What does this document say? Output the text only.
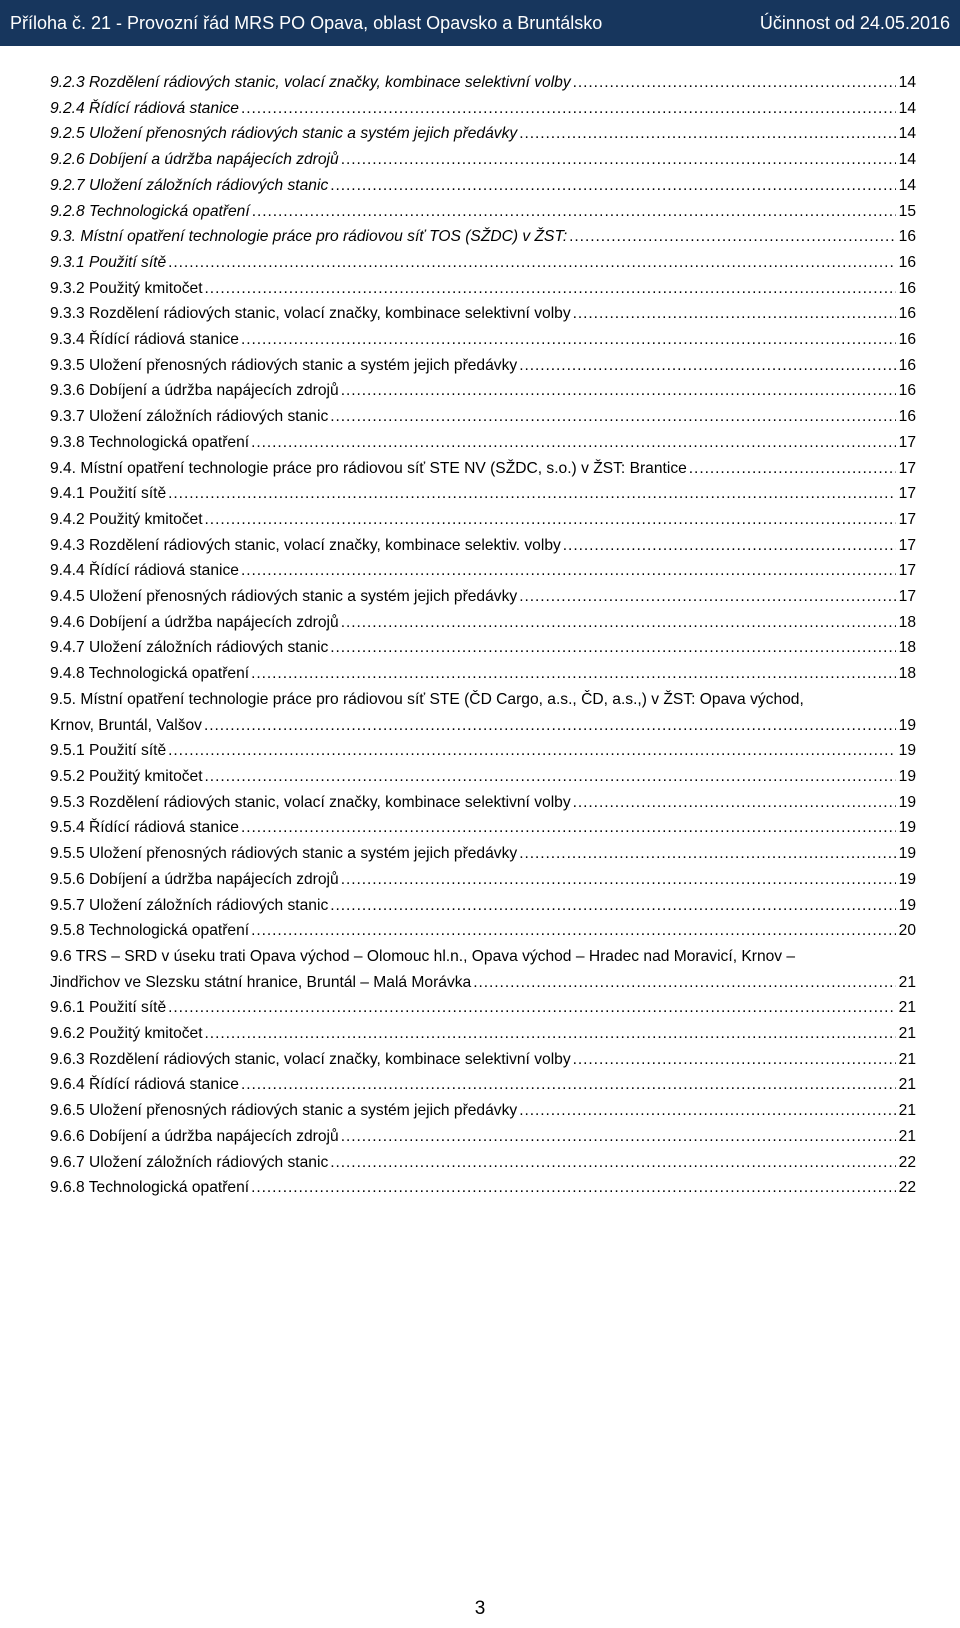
Příloha č. 21 - Provozní řád MRS PO Opava, oblast Opavsko a Bruntálsko	Účinnost od 24.05.2016
9.2.3 Rozdělení rádiových stanic, volací značky, kombinace selektivní volby . . .	14
9.2.4 Řídící rádiová stanice . . .	14
9.2.5 Uložení přenosných rádiových stanic a systém jejich předávky . . .	14
9.2.6 Dobíjení a údržba napájecích zdrojů . . .	14
9.2.7 Uložení záložních rádiových stanic . . .	14
9.2.8 Technologická opatření . . .	15
9.3. Místní opatření technologie práce pro rádiovou síť TOS (SŽDC) v ŽST: . . .	16
9.3.1 Použití sítě . . .	16
9.3.2 Použitý kmitočet . . .	16
9.3.3 Rozdělení rádiových stanic, volací značky, kombinace selektivní volby . . .	16
9.3.4 Řídící rádiová stanice . . .	16
9.3.5 Uložení přenosných rádiových stanic a systém jejich předávky . . .	16
9.3.6 Dobíjení a údržba napájecích zdrojů . . .	16
9.3.7 Uložení záložních rádiových stanic . . .	16
9.3.8 Technologická opatření . . .	17
9.4. Místní opatření technologie práce pro rádiovou síť STE NV (SŽDC, s.o.) v ŽST: Brantice . . .	17
9.4.1 Použití sítě . . .	17
9.4.2 Použitý kmitočet . . .	17
9.4.3 Rozdělení rádiových stanic, volací značky, kombinace selektiv. volby . . .	17
9.4.4 Řídící rádiová stanice . . .	17
9.4.5 Uložení přenosných rádiových stanic a systém jejich předávky . . .	17
9.4.6 Dobíjení a údržba napájecích zdrojů . . .	18
9.4.7 Uložení záložních rádiových stanic . . .	18
9.4.8 Technologická opatření . . .	18
9.5. Místní opatření technologie práce pro rádiovou síť STE (ČD Cargo, a.s., ČD, a.s.,) v ŽST: Opava východ,
Krnov, Bruntál, Valšov . . .	19
9.5.1 Použití sítě . . .	19
9.5.2 Použitý kmitočet . . .	19
9.5.3 Rozdělení rádiových stanic, volací značky, kombinace selektivní volby . . .	19
9.5.4 Řídící rádiová stanice . . .	19
9.5.5 Uložení přenosných rádiových stanic a systém jejich předávky . . .	19
9.5.6 Dobíjení a údržba napájecích zdrojů . . .	19
9.5.7 Uložení záložních rádiových stanic . . .	19
9.5.8 Technologická opatření . . .	20
9.6 TRS – SRD v úseku trati Opava východ – Olomouc hl.n., Opava východ – Hradec nad Moravicí, Krnov –
Jindřichov ve Slezsku státní hranice, Bruntál – Malá Morávka . . .	21
9.6.1 Použití sítě . . .	21
9.6.2 Použitý kmitočet . . .	21
9.6.3 Rozdělení rádiových stanic, volací značky, kombinace selektivní volby . . .	21
9.6.4 Řídící rádiová stanice . . .	21
9.6.5 Uložení přenosných rádiových stanic a systém jejich předávky . . .	21
9.6.6 Dobíjení a údržba napájecích zdrojů . . .	21
9.6.7 Uložení záložních rádiových stanic . . .	22
9.6.8 Technologická opatření . . .	22
3
